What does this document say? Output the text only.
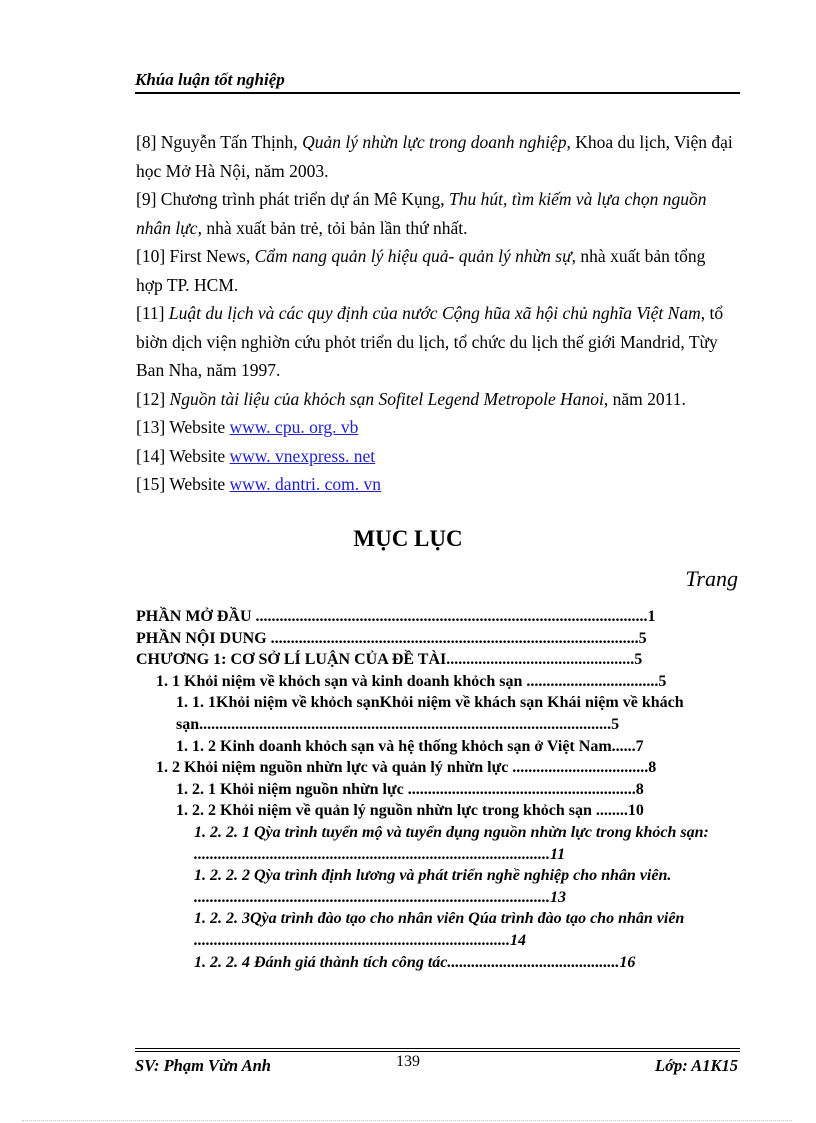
Khúa luận tốt nghiệp

[8] Nguyễn Tấn Thịnh, Quản lý nhừn lực trong doanh nghiệp, Khoa du lịch, Viện đại học Mở Hà Nội, năm 2003.

[9] Chương trình phát triển dự án Mê Kụng, Thu hút, tìm kiếm và lựa chọn nguồn nhân lực, nhà xuất bản trẻ, tỏi bản lần thứ nhất.

[10] First News, Cẩm nang quản lý hiệu quả- quản lý nhừn sự, nhà xuất bản tổng hợp TP. HCM.

[11] Luật du lịch và các quy định của nước Cộng hũa xã hội chủ nghĩa Việt Nam, tổ biờn dịch viện nghiờn cứu phỏt triển du lịch, tổ chức du lịch thế giới Mandrid, Từy Ban Nha, năm 1997.

[12] Nguồn tài liệu của khỏch sạn Sofitel Legend Metropole Hanoi, năm 2011.

[13] Website www. cpu. org. vb

[14] Website www. vnexpress. net

[15] Website www. dantri. com. vn

MỤC LỤC
Trang

PHẦN MỞ ĐẦU ..................................................................................................1

PHẦN NỘI DUNG ............................................................................................5

CHƯƠNG 1: CƠ SỞ LÍ LUẬN CỦA ĐỀ TÀI...............................................5

1. 1 Khỏi niệm về khỏch sạn và kinh doanh khỏch sạn .................................5

1. 1. 1Khỏi niệm về khỏch sạnKhỏi niệm về khách sạn Khái niệm về khách sạn.......................................................................................................5

1. 1. 2 Kinh doanh khỏch sạn và hệ thống khỏch sạn ở Việt Nam......7

1. 2 Khỏi niệm nguồn nhừn lực và quản lý nhừn lực ..................................8

1. 2. 1 Khỏi niệm nguồn nhừn lực .........................................................8

1. 2. 2 Khỏi niệm về quản lý nguồn nhừn lực trong khỏch sạn ........10

1. 2. 2. 1 Qỳa trình tuyển mộ và tuyển dụng nguồn nhừn lực trong khỏch sạn: .........................................................................................11

1. 2. 2. 2 Qỳa trình định lương và phát triển nghề nghiệp cho nhân viên. .........................................................................................13

1. 2. 2. 3Qỳa trình đào tạo cho nhân viên Qúa trình đào tạo cho nhân viên ...............................................................................14

1. 2. 2. 4 Đánh giá thành tích công tác...........................................16

SV: Phạm Vừn Anh	139	Lớp: A1K15
